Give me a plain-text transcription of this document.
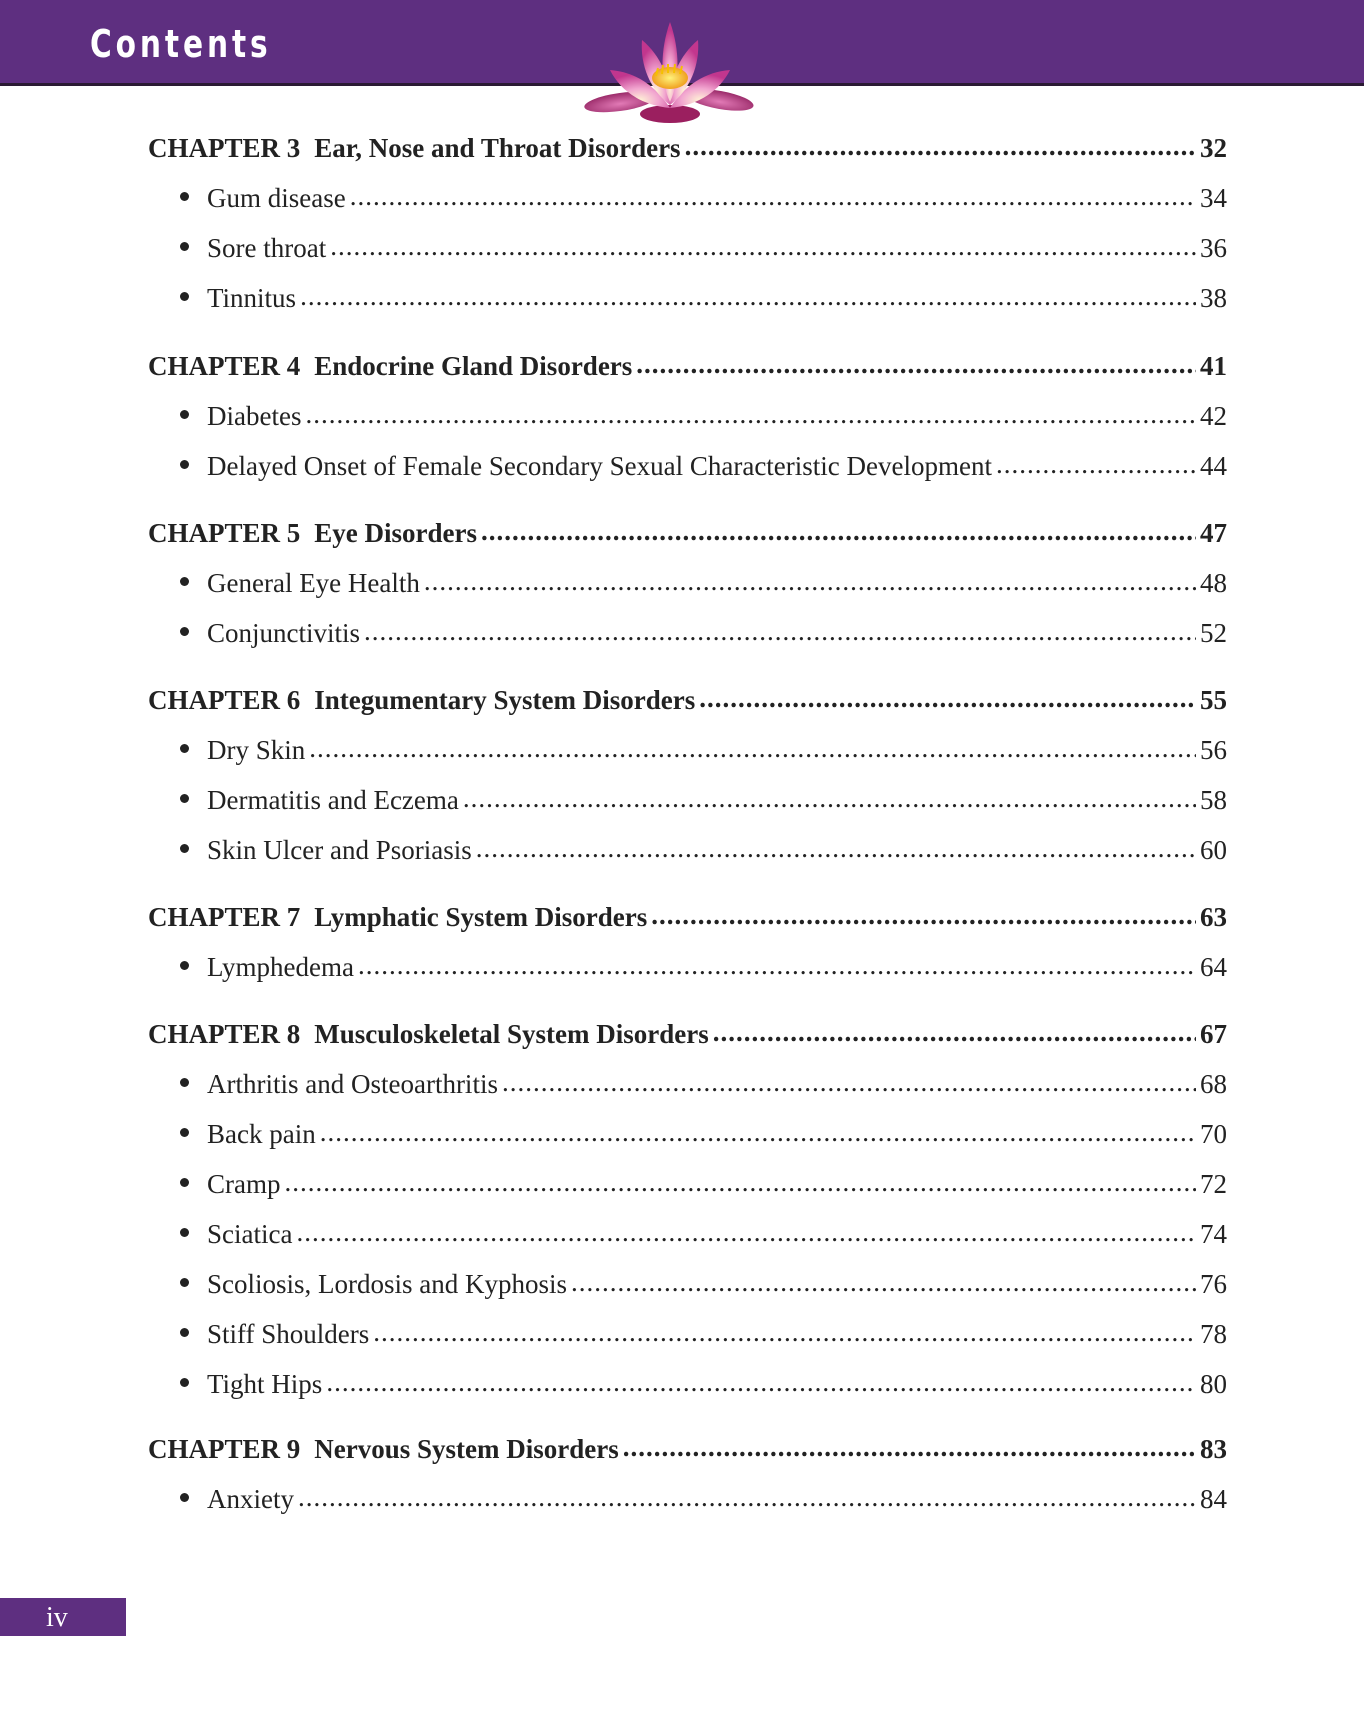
Contents
CHAPTER 3 Ear, Nose and Throat Disorders .....	32
Gum disease .....	34
Sore throat .....	36
Tinnitus .....	38
CHAPTER 4 Endocrine Gland Disorders .....	41
Diabetes .....	42
Delayed Onset of Female Secondary Sexual Characteristic Development .....	44
CHAPTER 5 Eye Disorders .....	47
General Eye Health .....	48
Conjunctivitis .....	52
CHAPTER 6 Integumentary System Disorders .....	55
Dry Skin .....	56
Dermatitis and Eczema .....	58
Skin Ulcer and Psoriasis .....	60
CHAPTER 7 Lymphatic System Disorders .....	63
Lymphedema .....	64
CHAPTER 8 Musculoskeletal System Disorders .....	67
Arthritis and Osteoarthritis .....	68
Back pain .....	70
Cramp .....	72
Sciatica .....	74
Scoliosis, Lordosis and Kyphosis .....	76
Stiff Shoulders .....	78
Tight Hips .....	80
CHAPTER 9 Nervous System Disorders .....	83
Anxiety .....	84
iv
